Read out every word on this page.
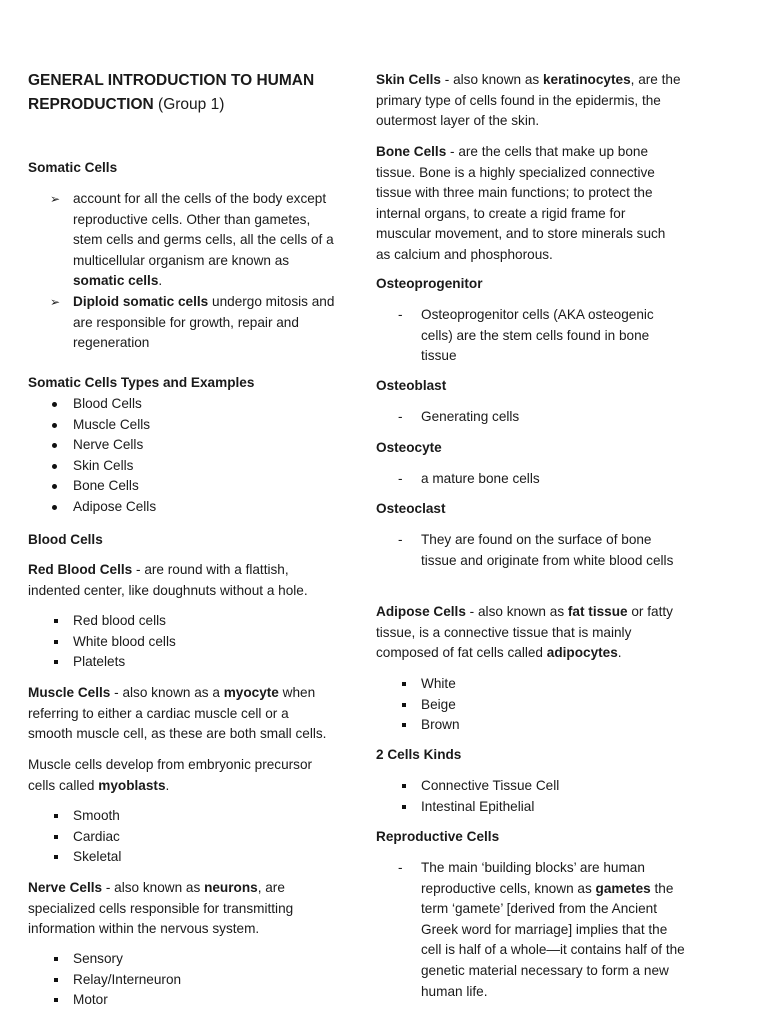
GENERAL INTRODUCTION TO HUMAN
REPRODUCTION (Group 1)
Somatic Cells
account for all the cells of the body except reproductive cells. Other than gametes, stem cells and germs cells, all the cells of a multicellular organism are known as somatic cells.
Diploid somatic cells undergo mitosis and are responsible for growth, repair and regeneration
Somatic Cells Types and Examples
Blood Cells
Muscle Cells
Nerve Cells
Skin Cells
Bone Cells
Adipose Cells
Blood Cells
Red Blood Cells - are round with a flattish, indented center, like doughnuts without a hole.
Red blood cells
White blood cells
Platelets
Muscle Cells - also known as a myocyte when referring to either a cardiac muscle cell or a smooth muscle cell, as these are both small cells.
Muscle cells develop from embryonic precursor cells called myoblasts.
Smooth
Cardiac
Skeletal
Nerve Cells - also known as neurons, are specialized cells responsible for transmitting information within the nervous system.
Sensory
Relay/Interneuron
Motor
Skin Cells - also known as keratinocytes, are the primary type of cells found in the epidermis, the outermost layer of the skin.
Bone Cells - are the cells that make up bone tissue. Bone is a highly specialized connective tissue with three main functions; to protect the internal organs, to create a rigid frame for muscular movement, and to store minerals such as calcium and phosphorous.
Osteoprogenitor
Osteoprogenitor cells (AKA osteogenic cells) are the stem cells found in bone tissue
Osteoblast
Generating cells
Osteocyte
a mature bone cells
Osteoclast
They are found on the surface of bone tissue and originate from white blood cells
Adipose Cells - also known as fat tissue or fatty tissue, is a connective tissue that is mainly composed of fat cells called adipocytes.
White
Beige
Brown
2 Cells Kinds
Connective Tissue Cell
Intestinal Epithelial
Reproductive Cells
The main ‘building blocks’ are human reproductive cells, known as gametes the term ‘gamete’ [derived from the Ancient Greek word for marriage] implies that the cell is half of a whole—it contains half of the genetic material necessary to form a new human life.
